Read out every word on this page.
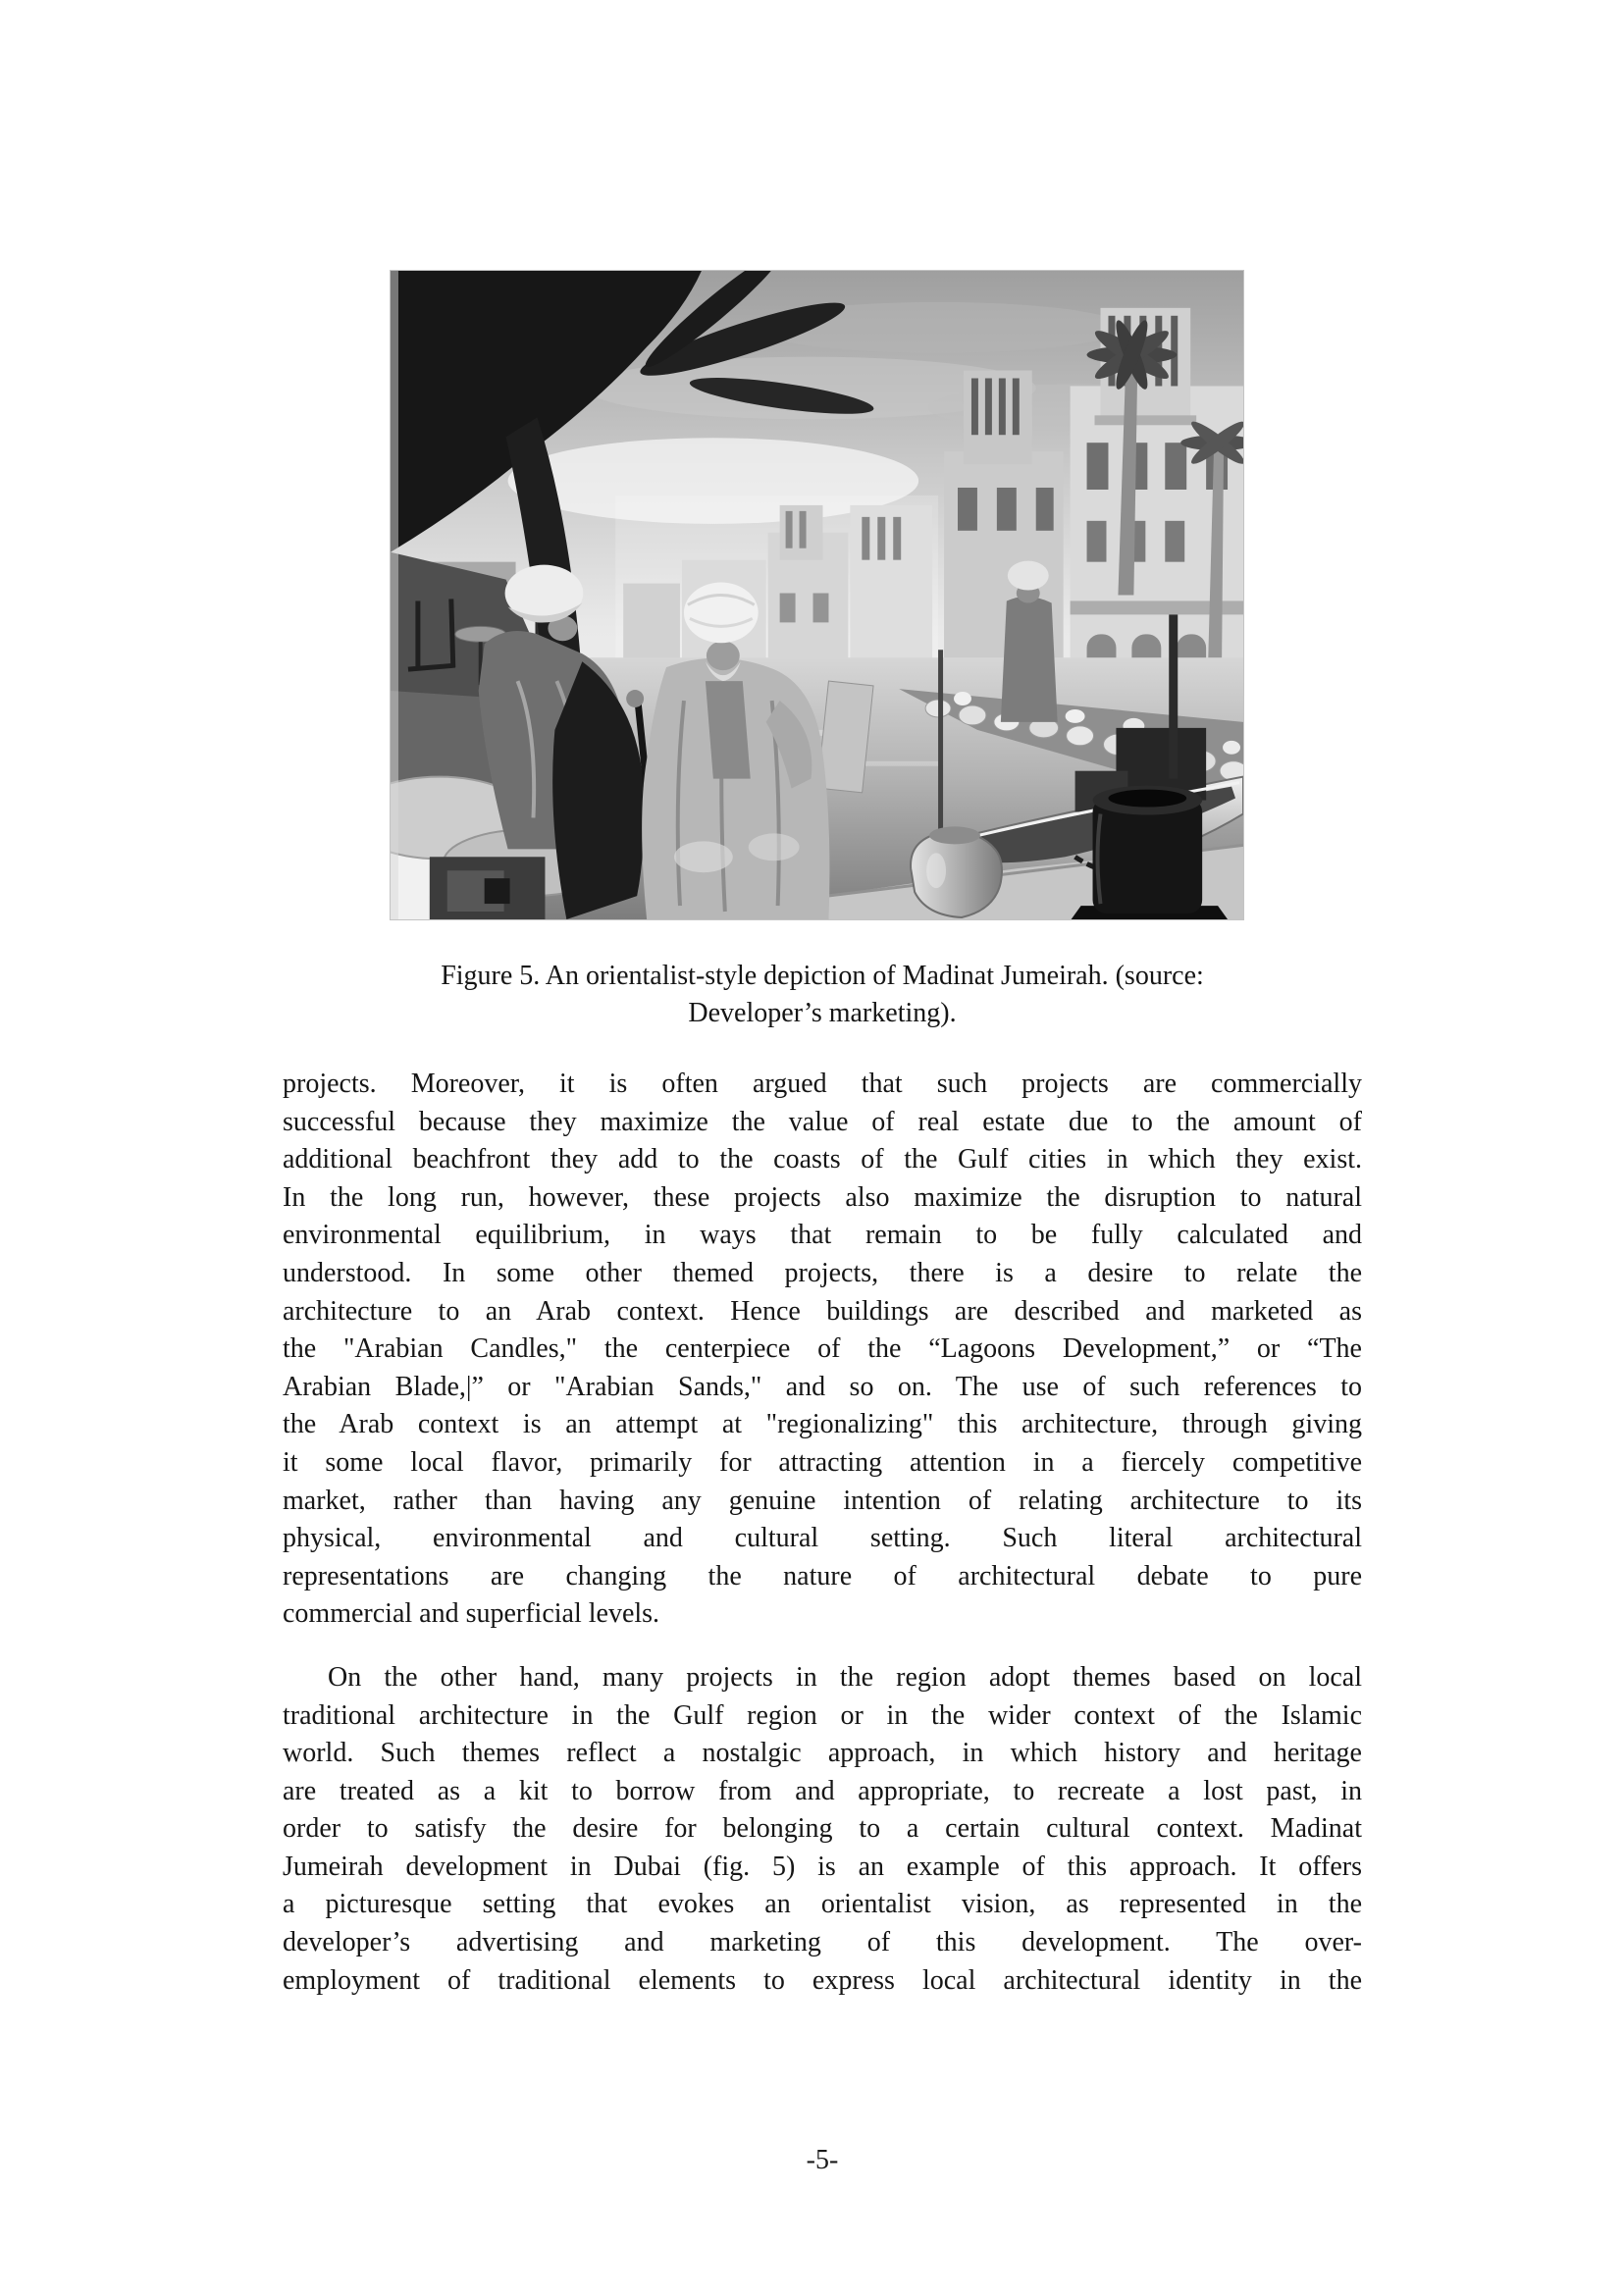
Figure 5. An orientalist-style depiction of Madinat Jumeirah. (source:
Developer’s marketing).
projects. Moreover, it is often argued that such projects are commercially
successful because they maximize the value of real estate due to the amount of
additional beachfront they add to the coasts of the Gulf cities in which they exist.
In the long run, however, these projects also maximize the disruption to natural
environmental equilibrium, in ways that remain to be fully calculated and
understood. In some other themed projects, there is a desire to relate the
architecture to an Arab context. Hence buildings are described and marketed as
the "Arabian Candles," the centerpiece of the “Lagoons Development,” or “The
Arabian Blade,|” or "Arabian Sands," and so on. The use of such references to
the Arab context is an attempt at "regionalizing" this architecture, through giving
it some local flavor, primarily for attracting attention in a fiercely competitive
market, rather than having any genuine intention of relating architecture to its
physical, environmental and cultural setting. Such literal architectural
representations are changing the nature of architectural debate to pure
commercial and superficial levels.
On the other hand, many projects in the region adopt themes based on local
traditional architecture in the Gulf region or in the wider context of the Islamic
world. Such themes reflect a nostalgic approach, in which history and heritage
are treated as a kit to borrow from and appropriate, to recreate a lost past, in
order to satisfy the desire for belonging to a certain cultural context. Madinat
Jumeirah development in Dubai (fig. 5) is an example of this approach. It offers
a picturesque setting that evokes an orientalist vision, as represented in the
developer’s advertising and marketing of this development. The over-
employment of traditional elements to express local architectural identity in the
-5-
